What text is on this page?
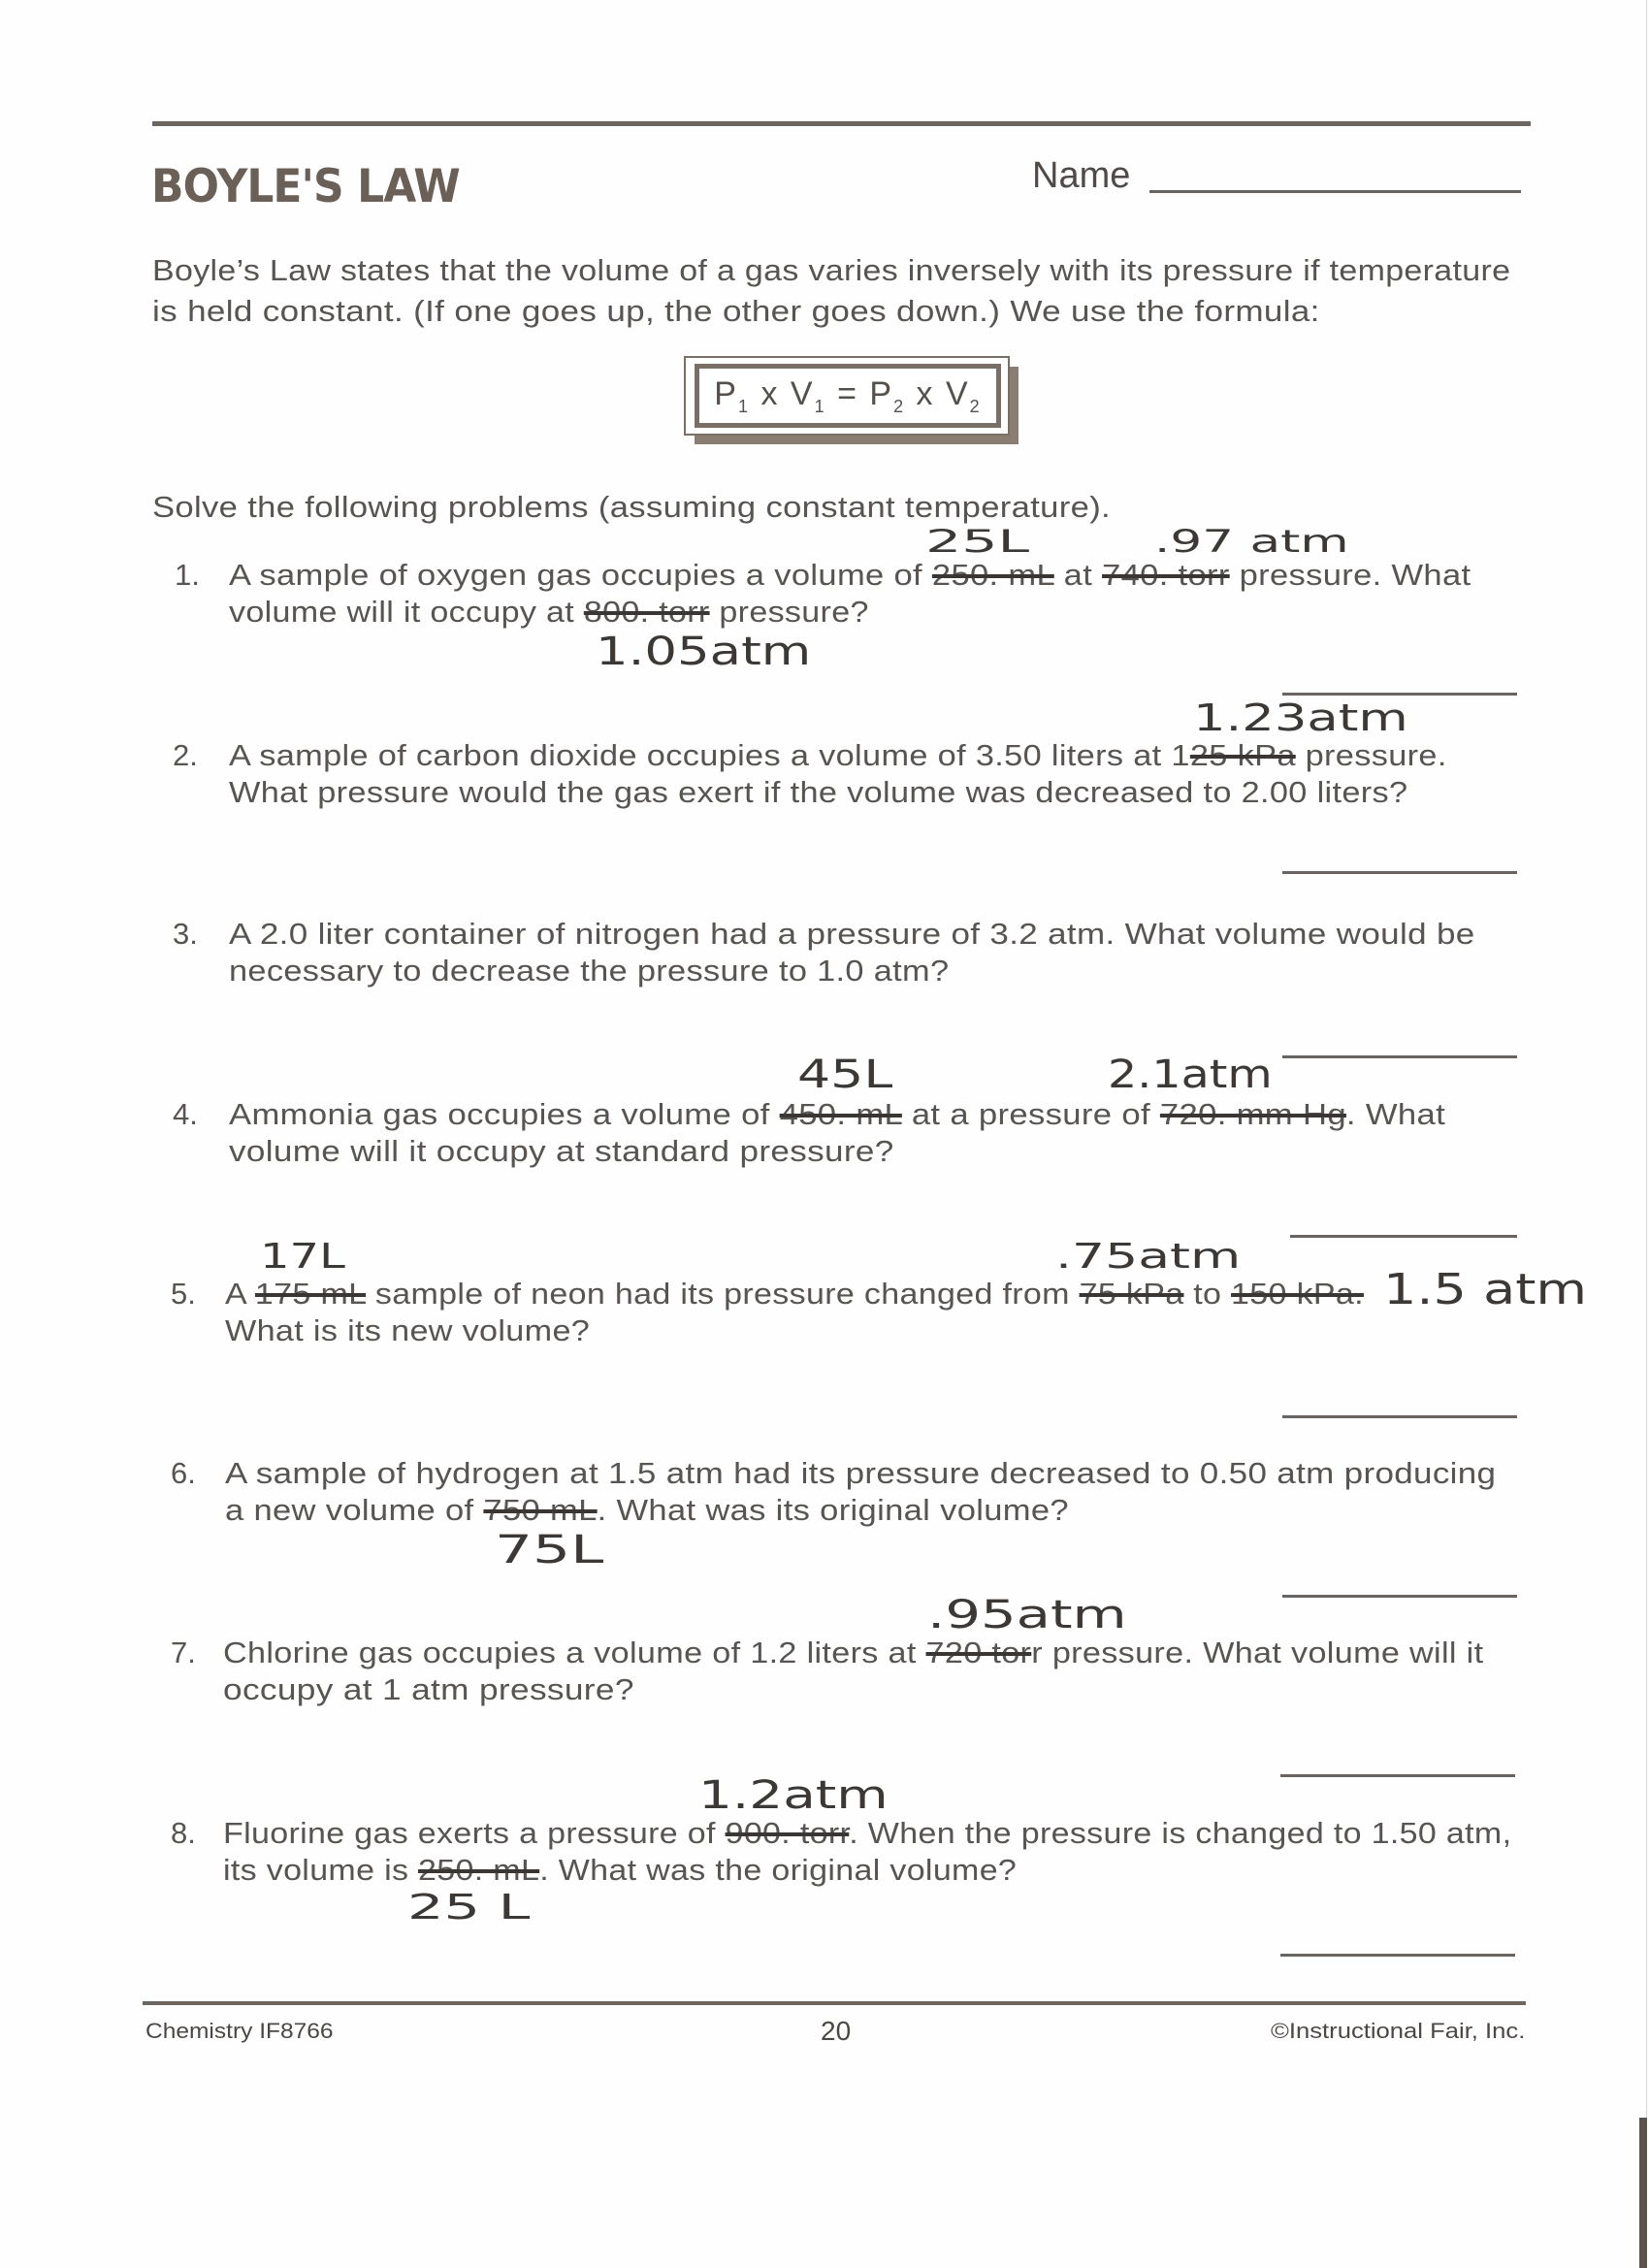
BOYLE'S LAW	Name
Boyle’s Law states that the volume of a gas varies inversely with its pressure if temperature
is held constant. (If one goes up, the other goes down.) We use the formula:
$P_1$ x $V_1 = P_2$ x $V_2$
Solve the following problems (assuming constant temperature).
1. A sample of oxygen gas occupies a volume of 250. mL at 740. torr pressure. What
volume will it occupy at 800. torr pressure?
25L	.97 atm
1.05atm
2. A sample of carbon dioxide occupies a volume of 3.50 liters at 125 kPa pressure.
What pressure would the gas exert if the volume was decreased to 2.00 liters?
1.23atm
3. A 2.0 liter container of nitrogen had a pressure of 3.2 atm. What volume would be
necessary to decrease the pressure to 1.0 atm?
4. Ammonia gas occupies a volume of 450. mL at a pressure of 720. mm Hg. What
volume will it occupy at standard pressure?
45L	2.1atm
5. A 175 mL sample of neon had its pressure changed from 75 kPa to 150 kPa.
What is its new volume?
17L	.75atm
1.5 atm
6. A sample of hydrogen at 1.5 atm had its pressure decreased to 0.50 atm producing
a new volume of 750 mL. What was its original volume?
75L
7. Chlorine gas occupies a volume of 1.2 liters at 720 torr pressure. What volume will it
occupy at 1 atm pressure?
.95atm
8. Fluorine gas exerts a pressure of 900. torr. When the pressure is changed to 1.50 atm,
its volume is 250. mL. What was the original volume?
1.2atm
25 L
Chemistry IF8766	20	©Instructional Fair, Inc.
